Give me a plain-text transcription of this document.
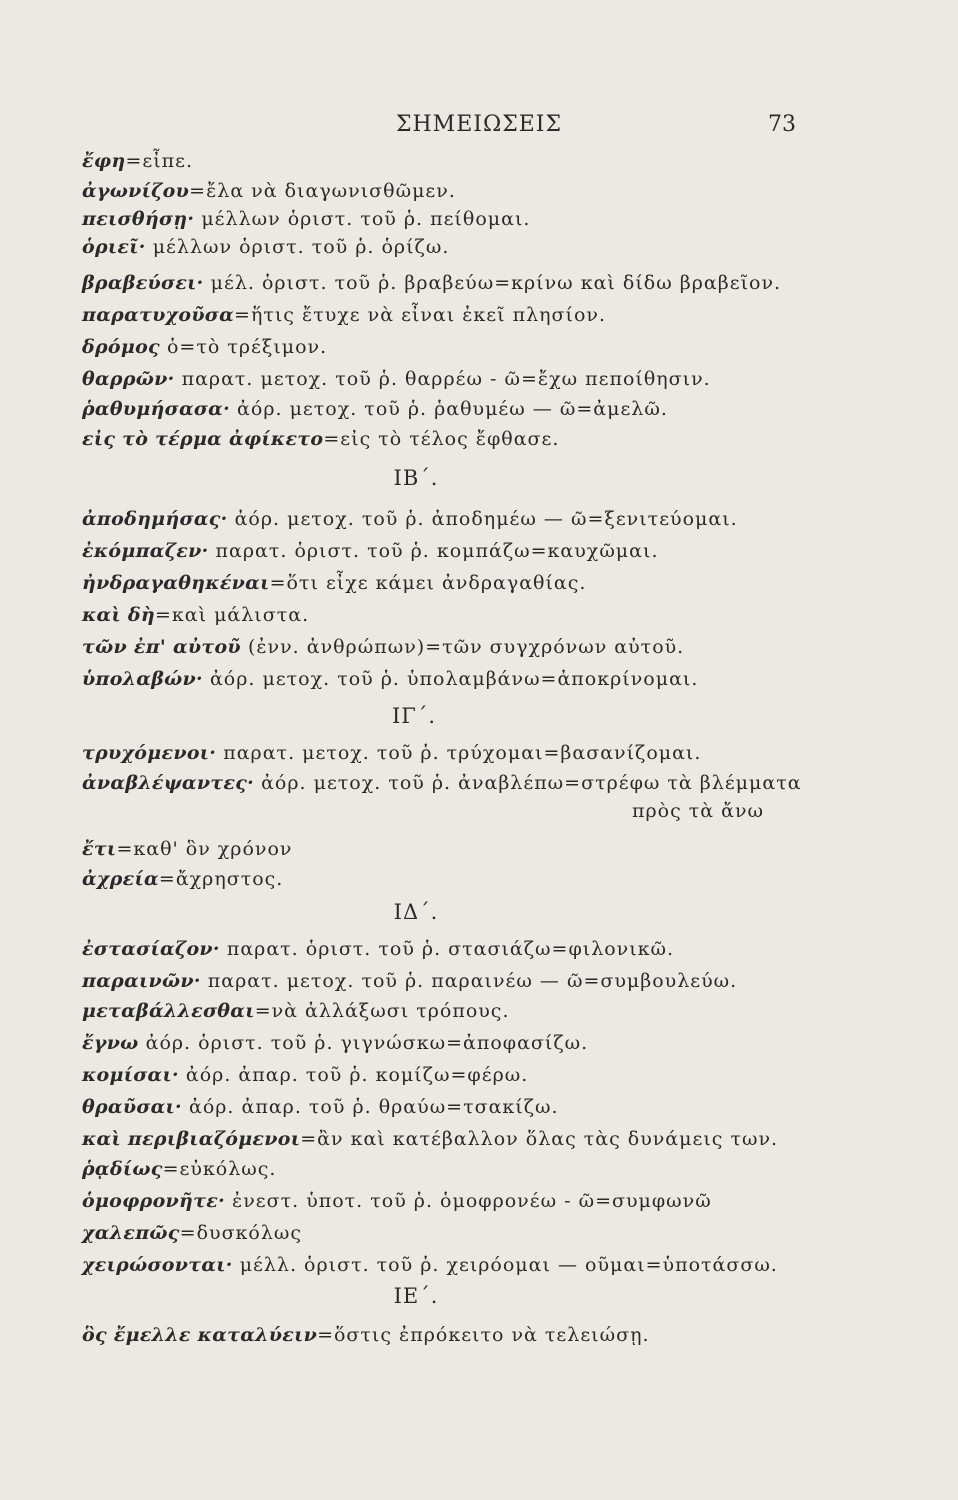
ΣΗΜΕΙΩΣΕΙΣ	73
ἔφη=εἶπε.
ἀγωνίζου=ἔλα νὰ διαγωνισθῶμεν.
πεισθήσῃ· μέλλων ὁριστ. τοῦ ῥ. πείθομαι.
ὁριεῖ· μέλλων ὁριστ. τοῦ ῥ. ὁρίζω.
βραβεύσει· μέλ. ὁριστ. τοῦ ῥ. βραβεύω=κρίνω καὶ δίδω βραβεῖον.
παρατυχοῦσα=ἥτις ἔτυχε νὰ εἶναι ἐκεῖ πλησίον.
δρόμος ὁ=τὸ τρέξιμον.
θαρρῶν· παρατ. μετοχ. τοῦ ῥ. θαρρέω - ῶ=ἔχω πεποίθησιν.
ῥαθυμήσασα· ἀόρ. μετοχ. τοῦ ῥ. ῥαθυμέω — ῶ=ἀμελῶ.
εἰς τὸ τέρμα ἀφίκετο=εἰς τὸ τέλος ἔφθασε.
ΙΒ΄.
ἀποδημήσας· ἀόρ. μετοχ. τοῦ ῥ. ἀποδημέω — ῶ=ξενιτεύομαι.
ἐκόμπαζεν· παρατ. ὁριστ. τοῦ ῥ. κομπάζω=καυχῶμαι.
ἠνδραγαθηκέναι=ὅτι εἶχε κάμει ἀνδραγαθίας.
καὶ δὴ=καὶ μάλιστα.
τῶν ἐπ' αὐτοῦ (ἐνν. ἀνθρώπων)=τῶν συγχρόνων αὐτοῦ.
ὑπολαβών· ἀόρ. μετοχ. τοῦ ῥ. ὑπολαμβάνω=ἀποκρίνομαι.
ΙΓ΄.
τρυχόμενοι· παρατ. μετοχ. τοῦ ῥ. τρύχομαι=βασανίζομαι.
ἀναβλέψαντες· ἀόρ. μετοχ. τοῦ ῥ. ἀναβλέπω=στρέφω τὰ βλέμματα
πρὸς τὰ ἄνω
ἔτι=καθ' ὃν χρόνον
ἀχρεία=ἄχρηστος.
ΙΔ΄.
ἐστασίαζον· παρατ. ὁριστ. τοῦ ῥ. στασιάζω=φιλονικῶ.
παραινῶν· παρατ. μετοχ. τοῦ ῥ. παραινέω — ῶ=συμβουλεύω.
μεταβάλλεσθαι=νὰ ἀλλάξωσι τρόπους.
ἔγνω ἀόρ. ὁριστ. τοῦ ῥ. γιγνώσκω=ἀποφασίζω.
κομίσαι· ἀόρ. ἀπαρ. τοῦ ῥ. κομίζω=φέρω.
θραῦσαι· ἀόρ. ἀπαρ. τοῦ ῥ. θραύω=τσακίζω.
καὶ περιβιαζόμενοι=ἂν καὶ κατέβαλλον ὅλας τὰς δυνάμεις των.
ῥᾳδίως=εὐκόλως.
ὁμοφρονῆτε· ἐνεστ. ὑποτ. τοῦ ῥ. ὁμοφρονέω - ῶ=συμφωνῶ
χαλεπῶς=δυσκόλως
χειρώσονται· μέλλ. ὁριστ. τοῦ ῥ. χειρόομαι — οῦμαι=ὑποτάσσω.
ΙΕ΄.
ὃς ἔμελλε καταλύειν=ὅστις ἐπρόκειτο νὰ τελειώσῃ.
